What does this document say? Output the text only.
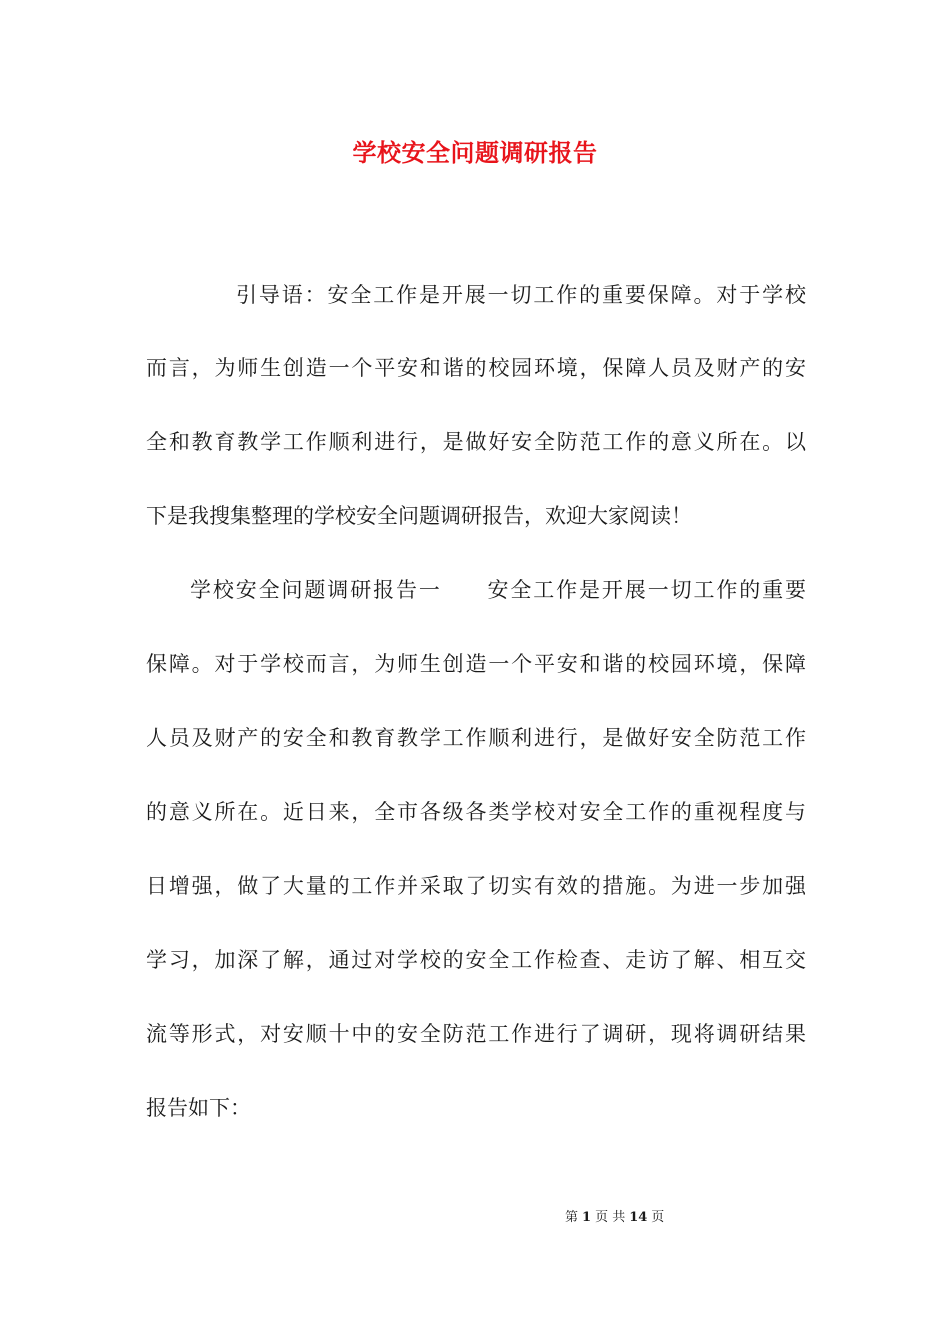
学校安全问题调研报告
引导语：安全工作是开展一切工作的重要保障。对于学校
而言，为师生创造一个平安和谐的校园环境，保障人员及财产的安
全和教育教学工作顺利进行，是做好安全防范工作的意义所在。以
下是我搜集整理的学校安全问题调研报告，欢迎大家阅读！
学校安全问题调研报告一　　安全工作是开展一切工作的重要
保障。对于学校而言，为师生创造一个平安和谐的校园环境，保障
人员及财产的安全和教育教学工作顺利进行，是做好安全防范工作
的意义所在。近日来，全市各级各类学校对安全工作的重视程度与
日增强，做了大量的工作并采取了切实有效的措施。为进一步加强
学习，加深了解，通过对学校的安全工作检查、走访了解、相互交
流等形式，对安顺十中的安全防范工作进行了调研，现将调研结果
报告如下：
第 1 页 共 14 页
